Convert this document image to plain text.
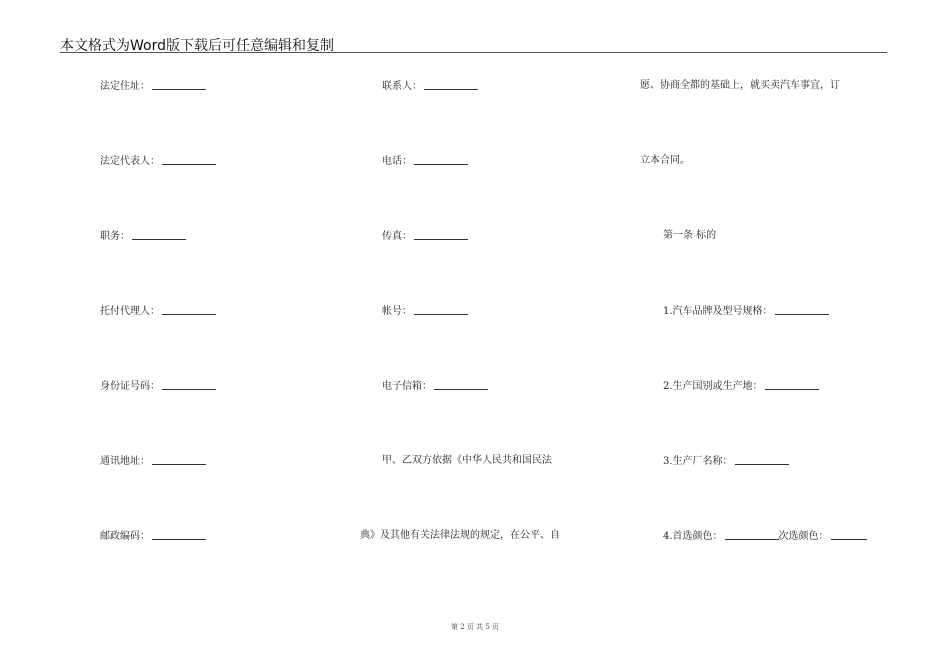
本文格式为Word版下载后可任意编辑和复制
法定住址：
法定代表人：
职务：
托付代理人：
身份证号码：
通讯地址：
邮政编码：
联系人：
电话：
传真：
帐号：
电子信箱：
甲、乙双方依据《中华人民共和国民法
典》及其他有关法律法规的规定，在公平、自
愿、协商全都的基础上，就买卖汽车事宜，订
立本合同。
第一条 标的
1.汽车品牌及型号规格：
2.生产国别或生产地：
3.生产厂名称：
4.首选颜色：	次选颜色：
第 2 页 共 5 页
